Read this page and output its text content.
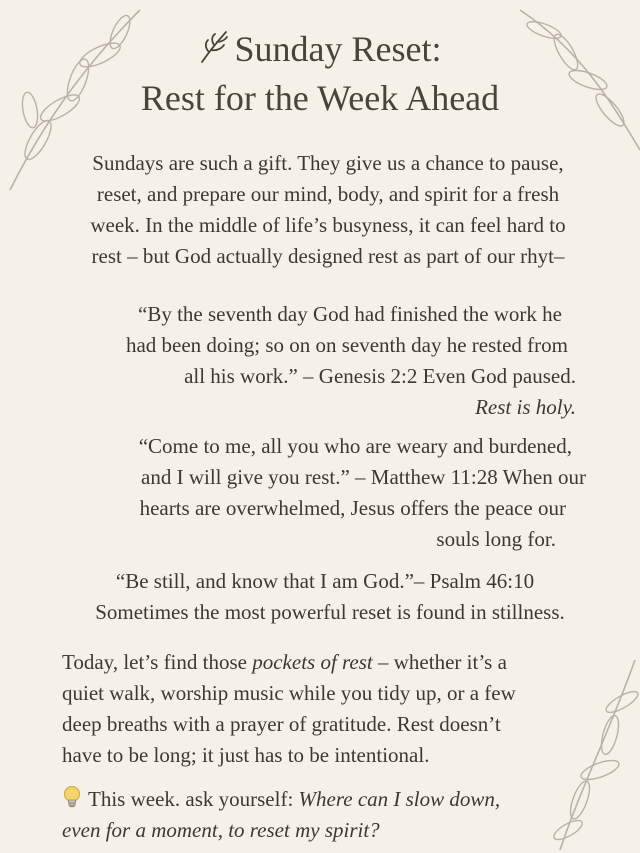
Sunday Reset:
Rest for the Week Ahead
Sundays are such a gift. They give us a chance to pause,
reset, and prepare our mind, body, and spirit for a fresh
week. In the middle of life’s busyness, it can feel hard to
rest – but God actually designed rest as part of our rhyt–
“By the seventh day God had finished the work he
had been doing; so on on seventh day he rested from
all his work.” – Genesis 2:2 Even God paused.
Rest is holy.
“Come to me, all you who are weary and burdened,
and I will give you rest.” – Matthew 11:28 When our
hearts are overwhelmed, Jesus offers the peace our
souls long for.
“Be still, and know that I am God.”– Psalm 46:10
Sometimes the most powerful reset is found in stillness.
Today, let’s find those pockets of rest – whether it’s a
quiet walk, worship music while you tidy up, or a few
deep breaths with a prayer of gratitude. Rest doesn’t
have to be long; it just has to be intentional.
This week. ask yourself: Where can I slow down,
even for a moment, to reset my spirit?
